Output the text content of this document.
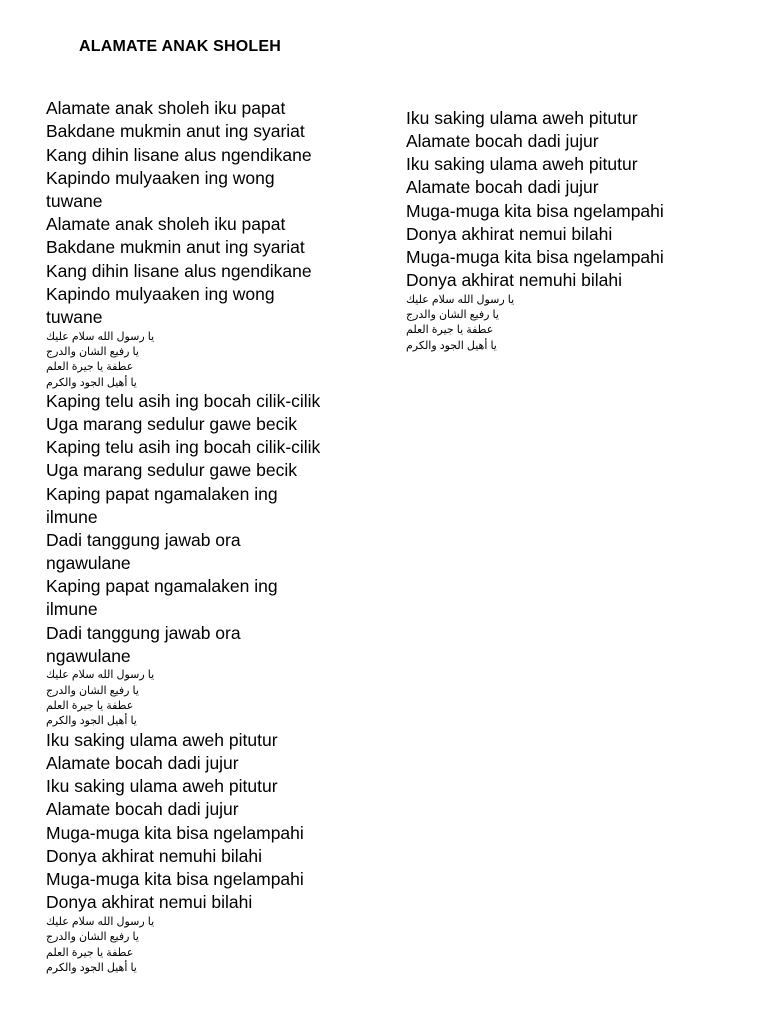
ALAMATE ANAK SHOLEH
Alamate anak sholeh iku papat
Bakdane mukmin anut ing syariat
Kang dihin lisane alus ngendikane
Kapindo mulyaaken ing wong
tuwane
Alamate anak sholeh iku papat
Bakdane mukmin anut ing syariat
Kang dihin lisane alus ngendikane
Kapindo mulyaaken ing wong
tuwane
يا رسول الله سلام عليك
يا رفيع الشان والدرج
عطفة يا جيرة العلم
يا أهيل الجود والكرم
Kaping telu asih ing bocah cilik-cilik
Uga marang sedulur gawe becik
Kaping telu asih ing bocah cilik-cilik
Uga marang sedulur gawe becik
Kaping papat ngamalaken ing
ilmune
Dadi tanggung jawab ora
ngawulane
Kaping papat ngamalaken ing
ilmune
Dadi tanggung jawab ora
ngawulane
يا رسول الله سلام عليك
يا رفيع الشان والدرج
عطفة يا جيرة العلم
يا أهيل الجود والكرم
Iku saking ulama aweh pitutur
Alamate bocah dadi jujur
Iku saking ulama aweh pitutur
Alamate bocah dadi jujur
Muga-muga kita bisa ngelampahi
Donya akhirat nemuhi bilahi
Muga-muga kita bisa ngelampahi
Donya akhirat nemui bilahi
يا رسول الله سلام عليك
يا رفيع الشان والدرج
عطفة يا جيرة العلم
يا أهيل الجود والكرم
Iku saking ulama aweh pitutur
Alamate bocah dadi jujur
Iku saking ulama aweh pitutur
Alamate bocah dadi jujur
Muga-muga kita bisa ngelampahi
Donya akhirat nemui bilahi
Muga-muga kita bisa ngelampahi
Donya akhirat nemuhi bilahi
يا رسول الله سلام عليك
يا رفيع الشان والدرج
عطفة يا جيرة العلم
يا أهيل الجود والكرم
